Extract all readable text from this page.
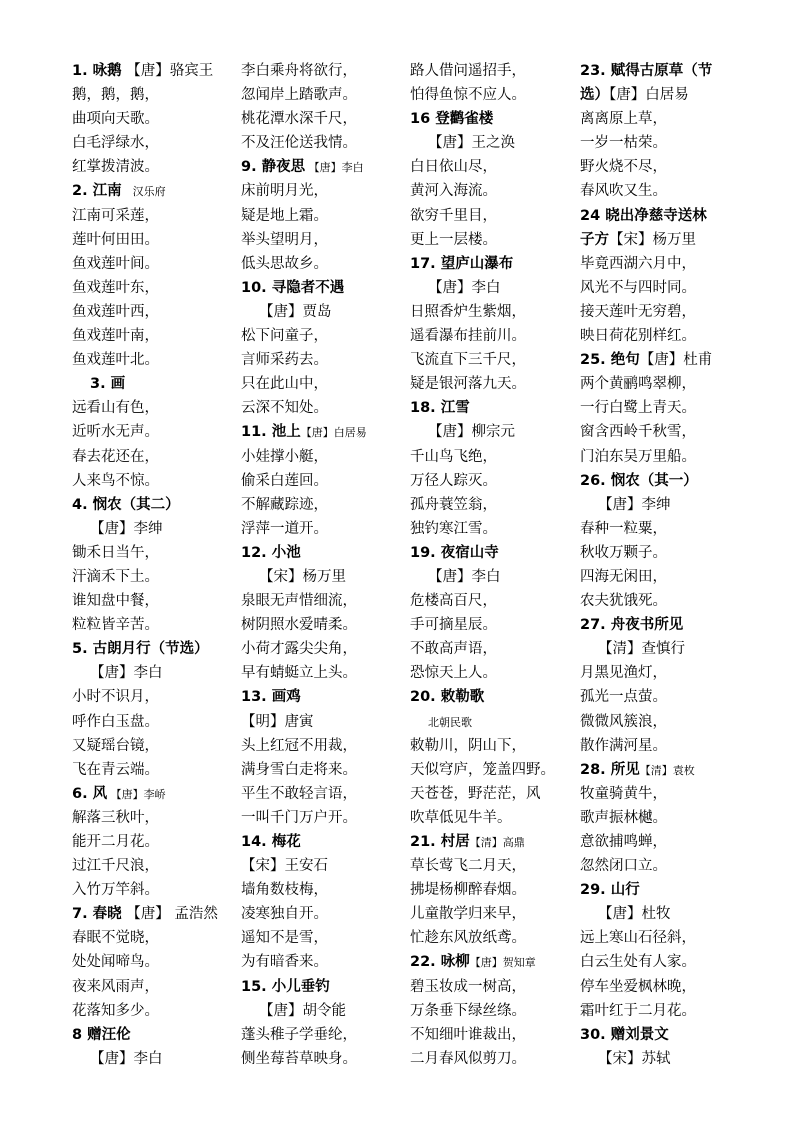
1. 咏鹅 【唐】骆宾王
鹅，鹅，鹅，
曲项向天歌。
白毛浮绿水，
红掌拨清波。
2. 江南　汉乐府
江南可采莲，
莲叶何田田。
鱼戏莲叶间。
鱼戏莲叶东，
鱼戏莲叶西，
鱼戏莲叶南，
鱼戏莲叶北。
3. 画
远看山有色，
近听水无声。
春去花还在，
人来鸟不惊。
4. 悯农（其二）
【唐】李绅
锄禾日当午，
汗滴禾下土。
谁知盘中餐，
粒粒皆辛苦。
5. 古朗月行（节选）
【唐】李白
小时不识月，
呼作白玉盘。
又疑瑶台镜，
飞在青云端。
6. 风 【唐】李峤
解落三秋叶，
能开二月花。
过江千尺浪，
入竹万竿斜。
7. 春晓 【唐】 孟浩然
春眠不觉晓，
处处闻啼鸟。
夜来风雨声，
花落知多少。
8 赠汪伦
【唐】李白
李白乘舟将欲行，
忽闻岸上踏歌声。
桃花潭水深千尺，
不及汪伦送我情。
9. 静夜思 【唐】李白
床前明月光，
疑是地上霜。
举头望明月，
低头思故乡。
10. 寻隐者不遇
【唐】贾岛
松下问童子，
言师采药去。
只在此山中，
云深不知处。
11. 池上【唐】白居易
小娃撑小艇，
偷采白莲回。
不解藏踪迹，
浮萍一道开。
12. 小池
【宋】杨万里
泉眼无声惜细流，
树阴照水爱晴柔。
小荷才露尖尖角，
早有蜻蜓立上头。
13. 画鸡
【明】唐寅
头上红冠不用裁，
满身雪白走将来。
平生不敢轻言语，
一叫千门万户开。
14. 梅花
【宋】王安石
墙角数枝梅，
凌寒独自开。
遥知不是雪，
为有暗香来。
15. 小儿垂钓
【唐】胡令能
蓬头稚子学垂纶，
侧坐莓苔草映身。
路人借问遥招手，
怕得鱼惊不应人。
16 登鹳雀楼
【唐】王之涣
白日依山尽，
黄河入海流。
欲穷千里目，
更上一层楼。
17. 望庐山瀑布
【唐】李白
日照香炉生紫烟，
遥看瀑布挂前川。
飞流直下三千尺，
疑是银河落九天。
18. 江雪
【唐】柳宗元
千山鸟飞绝，
万径人踪灭。
孤舟蓑笠翁，
独钓寒江雪。
19. 夜宿山寺
【唐】李白
危楼高百尺，
手可摘星辰。
不敢高声语，
恐惊天上人。
20. 敕勒歌
北朝民歌
敕勒川，阴山下，
天似穹庐，笼盖四野。
天苍苍，野茫茫，风
吹草低见牛羊。
21. 村居【清】高鼎
草长莺飞二月天，
拂堤杨柳醉春烟。
儿童散学归来早，
忙趁东风放纸鸢。
22. 咏柳【唐】贺知章
碧玉妆成一树高，
万条垂下绿丝绦。
不知细叶谁裁出，
二月春风似剪刀。
23. 赋得古原草（节
选）【唐】白居易
离离原上草，
一岁一枯荣。
野火烧不尽，
春风吹又生。
24 晓出净慈寺送林
子方【宋】杨万里
毕竟西湖六月中，
风光不与四时同。
接天莲叶无穷碧，
映日荷花别样红。
25. 绝句【唐】杜甫
两个黄鹂鸣翠柳，
一行白鹭上青天。
窗含西岭千秋雪，
门泊东吴万里船。
26. 悯农（其一）
【唐】李绅
春种一粒粟，
秋收万颗子。
四海无闲田，
农夫犹饿死。
27. 舟夜书所见
【清】查慎行
月黑见渔灯，
孤光一点萤。
微微风簇浪，
散作满河星。
28. 所见【清】袁枚
牧童骑黄牛，
歌声振林樾。
意欲捕鸣蝉，
忽然闭口立。
29. 山行
【唐】杜牧
远上寒山石径斜，
白云生处有人家。
停车坐爱枫林晚，
霜叶红于二月花。
30. 赠刘景文
【宋】苏轼
